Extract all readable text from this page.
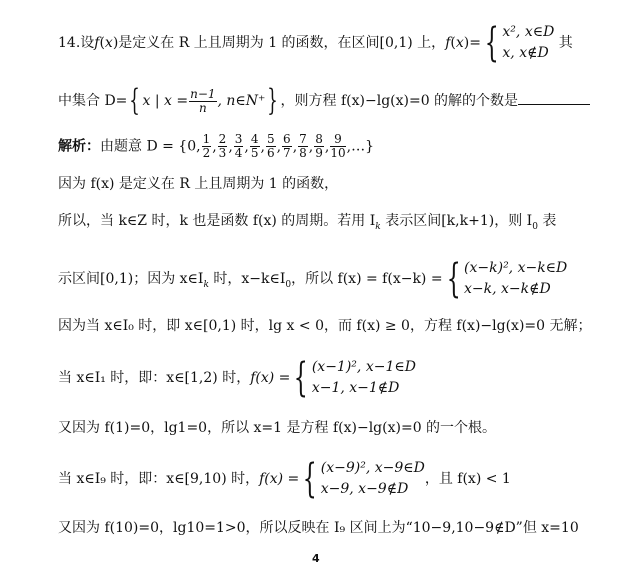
14.设f(x)是定义在 R 上且周期为 1 的函数，在区间[0,1) 上，f(x)={ x², x∈D
x, x∉D
其
中集合 D={ x | $x = \frac{n-1}{n}$ , n∈N⁺} ，则方程 f(x)−lg(x)=0 的解的个数是
解析：由题意 D = {0, $\frac{1}{2}$ , $\frac{2}{3}$ , $\frac{3}{4}$ , $\frac{4}{5}$ , $\frac{5}{6}$ , $\frac{6}{7}$ , $\frac{7}{8}$ , $\frac{8}{9}$ , $\frac{9}{10}$ ,…}
因为 f(x) 是定义在 R 上且周期为 1 的函数，
所以，当 k∈Z 时，k 也是函数 f(x) 的周期。若用 $I_k$ 表示区间[k,k+1)，则 $I_0$ 表
示区间[0,1)；因为 $x\in I_k$ 时，$x-k\in I_0$，所以 f(x) = f(x−k) ={ (x−k)², x−k∈D
x−k, x−k∉D
因为当 x∈I₀ 时，即 x∈[0,1) 时，lg x < 0，而 f(x) ≥ 0，方程 f(x)−lg(x)=0 无解；
当 x∈I₁ 时，即：x∈[1,2) 时，f(x) ={ (x−1)², x−1∈D
x−1, x−1∉D
又因为 f(1)=0，lg1=0，所以 x=1 是方程 f(x)−lg(x)=0 的一个根。
当 x∈I₉ 时，即：x∈[9,10) 时，f(x) ={ (x−9)², x−9∈D
x−9, x−9∉D
，且 f(x) < 1
又因为 f(10)=0，lg10=1>0，所以反映在 I₉ 区间上为“10−9,10−9∉D”但 x=10
4
